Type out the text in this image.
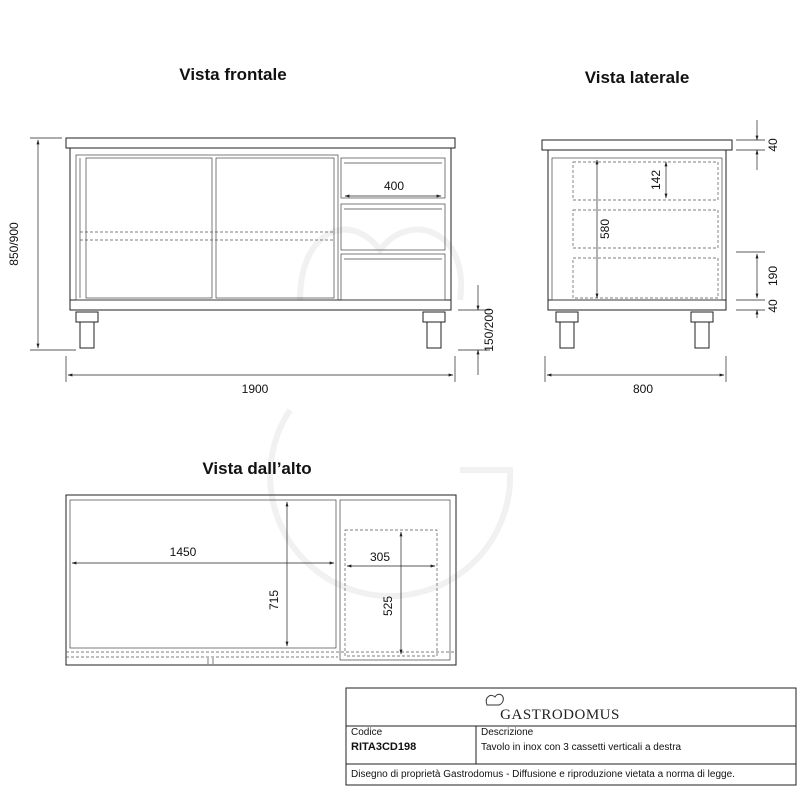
Vista frontale
850/900
1900
150/200
400
Vista laterale
800
40
142
580
190
40
Vista dall’alto
1450
715
305
525
GASTRODOMUS
Codice
RITA3CD198
Descrizione
Tavolo in inox con 3 cassetti verticali a destra
Disegno di proprietà Gastrodomus - Diffusione e riproduzione vietata a norma di legge.
